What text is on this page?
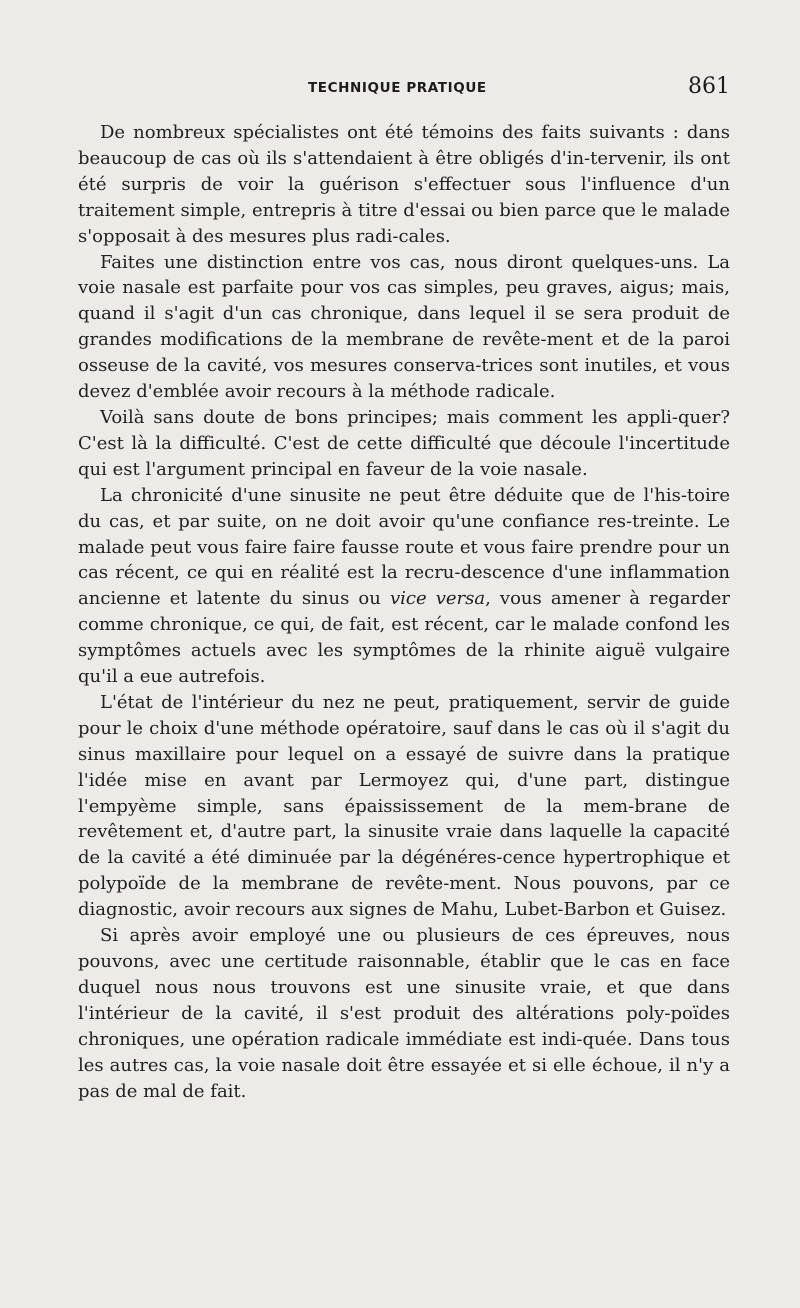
TECHNIQUE PRATIQUE	861

De nombreux spécialistes ont été témoins des faits suivants : dans beaucoup de cas où ils s'attendaient à être obligés d'in-tervenir, ils ont été surpris de voir la guérison s'effectuer sous l'influence d'un traitement simple, entrepris à titre d'essai ou bien parce que le malade s'opposait à des mesures plus radi-cales.

Faites une distinction entre vos cas, nous diront quelques-uns. La voie nasale est parfaite pour vos cas simples, peu graves, aigus; mais, quand il s'agit d'un cas chronique, dans lequel il se sera produit de grandes modifications de la membrane de revête-ment et de la paroi osseuse de la cavité, vos mesures conserva-trices sont inutiles, et vous devez d'emblée avoir recours à la méthode radicale.

Voilà sans doute de bons principes; mais comment les appli-quer? C'est là la difficulté. C'est de cette difficulté que découle l'incertitude qui est l'argument principal en faveur de la voie nasale.

La chronicité d'une sinusite ne peut être déduite que de l'his-toire du cas, et par suite, on ne doit avoir qu'une confiance res-treinte. Le malade peut vous faire faire fausse route et vous faire prendre pour un cas récent, ce qui en réalité est la recru-descence d'une inflammation ancienne et latente du sinus ou vice versa, vous amener à regarder comme chronique, ce qui, de fait, est récent, car le malade confond les symptômes actuels avec les symptômes de la rhinite aiguë vulgaire qu'il a eue autrefois.

L'état de l'intérieur du nez ne peut, pratiquement, servir de guide pour le choix d'une méthode opératoire, sauf dans le cas où il s'agit du sinus maxillaire pour lequel on a essayé de suivre dans la pratique l'idée mise en avant par Lermoyez qui, d'une part, distingue l'empyème simple, sans épaississement de la mem-brane de revêtement et, d'autre part, la sinusite vraie dans laquelle la capacité de la cavité a été diminuée par la dégénéres-cence hypertrophique et polypoïde de la membrane de revête-ment. Nous pouvons, par ce diagnostic, avoir recours aux signes de Mahu, Lubet-Barbon et Guisez.

Si après avoir employé une ou plusieurs de ces épreuves, nous pouvons, avec une certitude raisonnable, établir que le cas en face duquel nous nous trouvons est une sinusite vraie, et que dans l'intérieur de la cavité, il s'est produit des altérations poly-poïdes chroniques, une opération radicale immédiate est indi-quée. Dans tous les autres cas, la voie nasale doit être essayée et si elle échoue, il n'y a pas de mal de fait.
